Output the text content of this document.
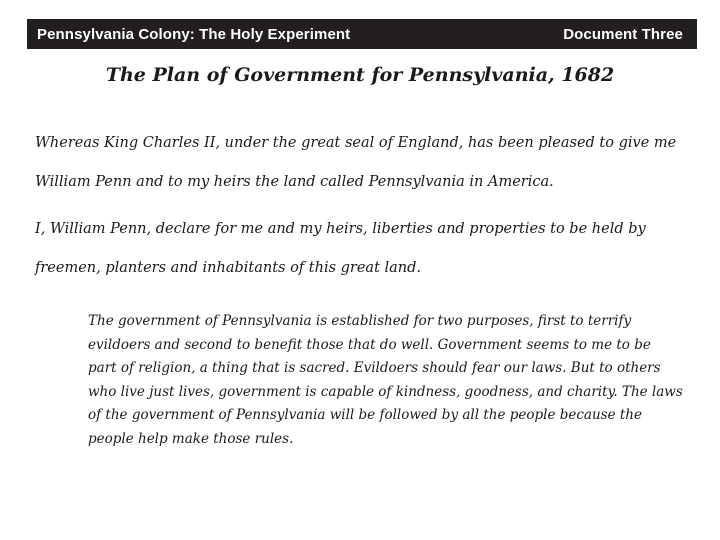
Pennsylvania Colony: The Holy Experiment	Document Three
The Plan of Government for Pennsylvania, 1682
Whereas King Charles II, under the great seal of England, has been pleased to give me William Penn and to my heirs the land called Pennsylvania in America.
I, William Penn, declare for me and my heirs, liberties and properties to be held by freemen, planters and inhabitants of this great land.
The government of Pennsylvania is established for two purposes, first to terrify evildoers and second to benefit those that do well. Government seems to me to be part of religion, a thing that is sacred. Evildoers should fear our laws. But to others who live just lives, government is capable of kindness, goodness, and charity. The laws of the government of Pennsylvania will be followed by all the people because the people help make those rules.
